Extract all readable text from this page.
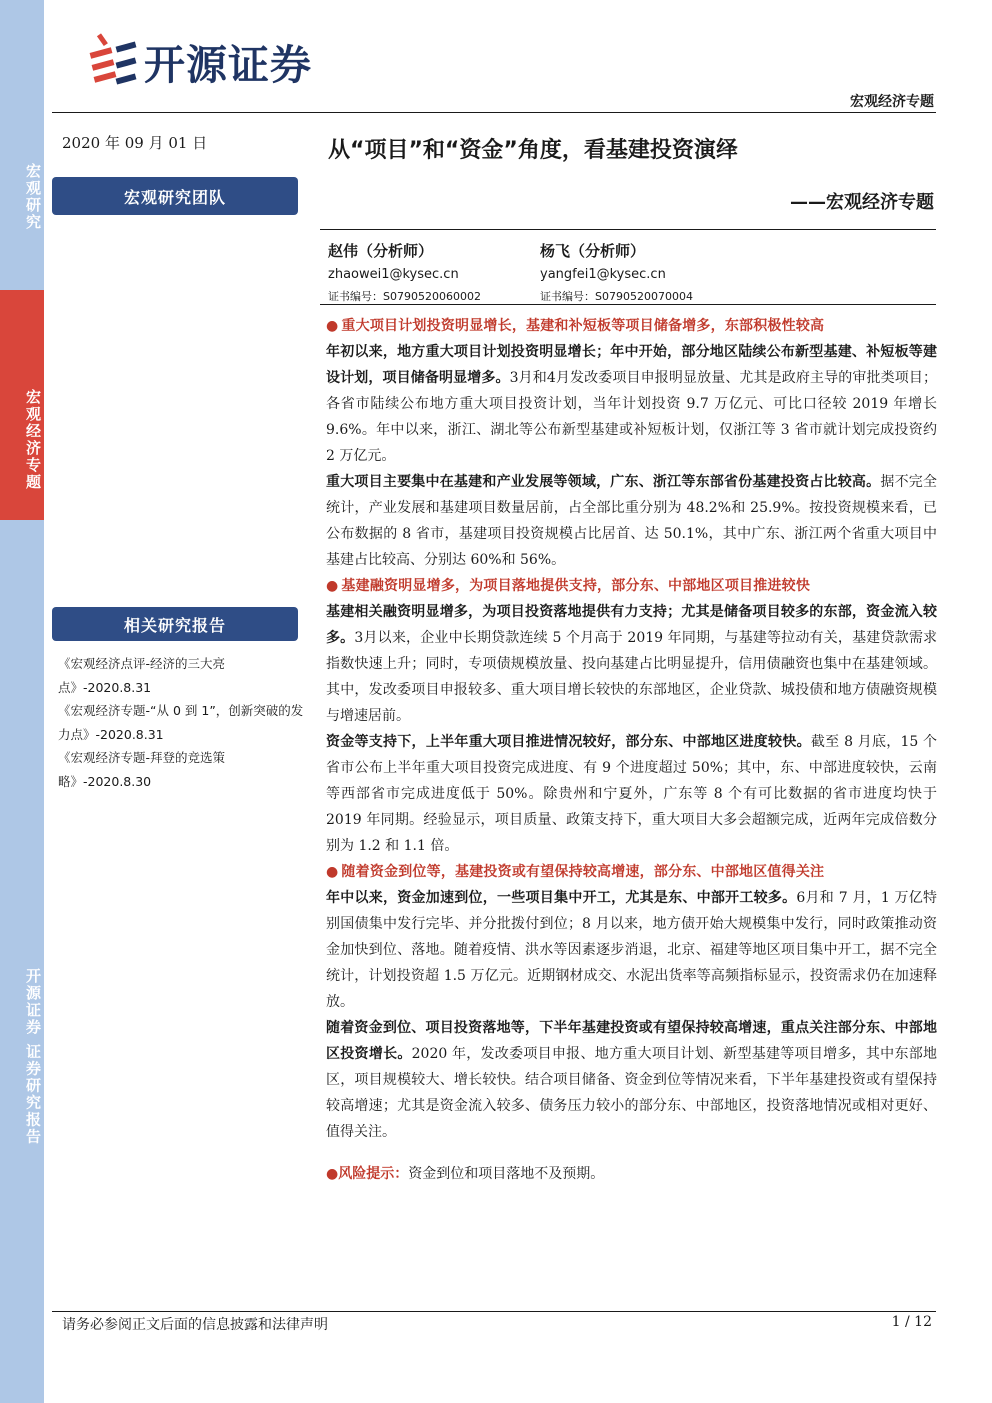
宏观研究
宏观经济专题
开源证券 证券研究报告
开源证券
宏观经济专题
2020 年 09 月 01 日	从“项目”和“资金”角度，看基建投资演绎
——宏观经济专题
宏观研究团队
赵伟（分析师）
zhaowei1@kysec.cn
证书编号：S0790520060002
杨飞（分析师）
yangfei1@kysec.cn
证书编号：S0790520070004
相关研究报告
《宏观经济点评-经济的三大亮点》-2020.8.31
《宏观经济专题-“从 0 到 1”，创新突破的发力点》-2020.8.31
《宏观经济专题-拜登的竞选策略》-2020.8.30
● 重大项目计划投资明显增长，基建和补短板等项目储备增多，东部积极性较高

年初以来，地方重大项目计划投资明显增长；年中开始，部分地区陆续公布新型基建、补短板等建设计划，项目储备明显增多。3月和4月发改委项目申报明显放量、尤其是政府主导的审批类项目；各省市陆续公布地方重大项目投资计划，当年计划投资 9.7 万亿元、可比口径较 2019 年增长 9.6%。年中以来，浙江、湖北等公布新型基建或补短板计划，仅浙江等 3 省市就计划完成投资约 2 万亿元。

重大项目主要集中在基建和产业发展等领域，广东、浙江等东部省份基建投资占比较高。据不完全统计，产业发展和基建项目数量居前，占全部比重分别为 48.2%和 25.9%。按投资规模来看，已公布数据的 8 省市，基建项目投资规模占比居首、达 50.1%，其中广东、浙江两个省重大项目中基建占比较高、分别达 60%和 56%。

● 基建融资明显增多，为项目落地提供支持，部分东、中部地区项目推进较快

基建相关融资明显增多，为项目投资落地提供有力支持；尤其是储备项目较多的东部，资金流入较多。3月以来，企业中长期贷款连续 5 个月高于 2019 年同期，与基建等拉动有关，基建贷款需求指数快速上升；同时，专项债规模放量、投向基建占比明显提升，信用债融资也集中在基建领域。其中，发改委项目申报较多、重大项目增长较快的东部地区，企业贷款、城投债和地方债融资规模与增速居前。

资金等支持下，上半年重大项目推进情况较好，部分东、中部地区进度较快。截至 8 月底，15 个省市公布上半年重大项目投资完成进度、有 9 个进度超过 50%；其中，东、中部进度较快，云南等西部省市完成进度低于 50%。除贵州和宁夏外，广东等 8 个有可比数据的省市进度均快于 2019 年同期。经验显示，项目质量、政策支持下，重大项目大多会超额完成，近两年完成倍数分别为 1.2 和 1.1 倍。

● 随着资金到位等，基建投资或有望保持较高增速，部分东、中部地区值得关注

年中以来，资金加速到位，一些项目集中开工，尤其是东、中部开工较多。6月和 7 月，1 万亿特别国债集中发行完毕、并分批拨付到位；8 月以来，地方债开始大规模集中发行，同时政策推动资金加快到位、落地。随着疫情、洪水等因素逐步消退，北京、福建等地区项目集中开工，据不完全统计，计划投资超 1.5 万亿元。近期钢材成交、水泥出货率等高频指标显示，投资需求仍在加速释放。

随着资金到位、项目投资落地等，下半年基建投资或有望保持较高增速，重点关注部分东、中部地区投资增长。2020 年，发改委项目申报、地方重大项目计划、新型基建等项目增多，其中东部地区，项目规模较大、增长较快。结合项目储备、资金到位等情况来看，下半年基建投资或有望保持较高增速；尤其是资金流入较多、债务压力较小的部分东、中部地区，投资落地情况或相对更好、值得关注。

●风险提示：资金到位和项目落地不及预期。
请务必参阅正文后面的信息披露和法律声明	1 / 12
